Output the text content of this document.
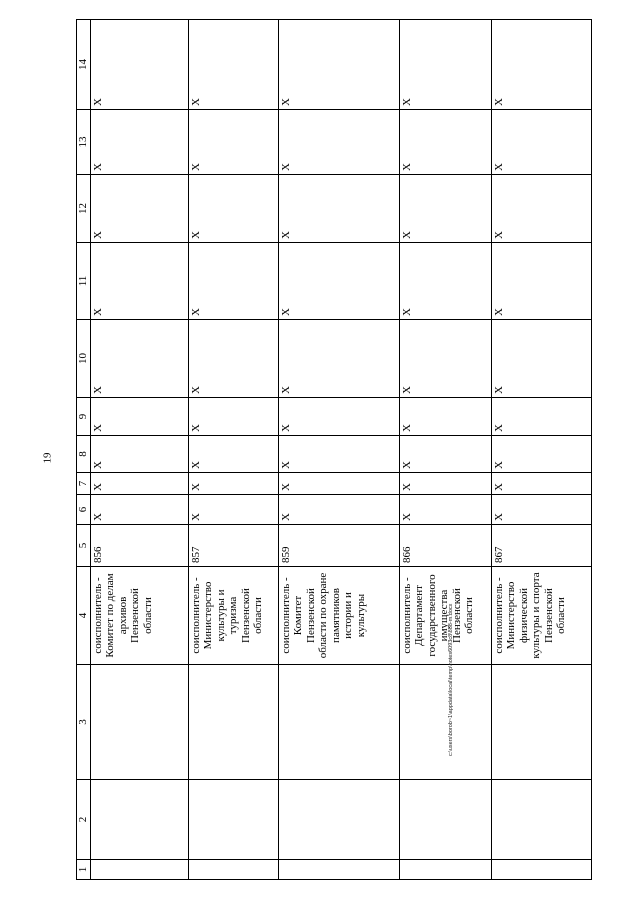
19
1	2	3	4	5	6	7	8	9	10	11	12	13	14
			соисполнитель - Комитет по делам архивов Пензенской области	856	X	X	X	X	X	X	X	X	X
			соисполнитель - Министерство культуры и туризма Пензенской области	857	X	X	X	X	X	X	X	X	X
			соисполнитель - Комитет Пензенской области по охране памятников истории и культуры	859	X	X	X	X	X	X	X	X	X
			соисполнитель - Департамент государственного имущества Пензенской области	866	X	X	X	X	X	X	X	X	X
			соисполнитель - Министерство физической культуры и спорта Пензенской области	867	X	X	X	X	X	X	X	X	X
c:\users\borob~1\appdata\local\temp\notes6093c8\888-m.docx
